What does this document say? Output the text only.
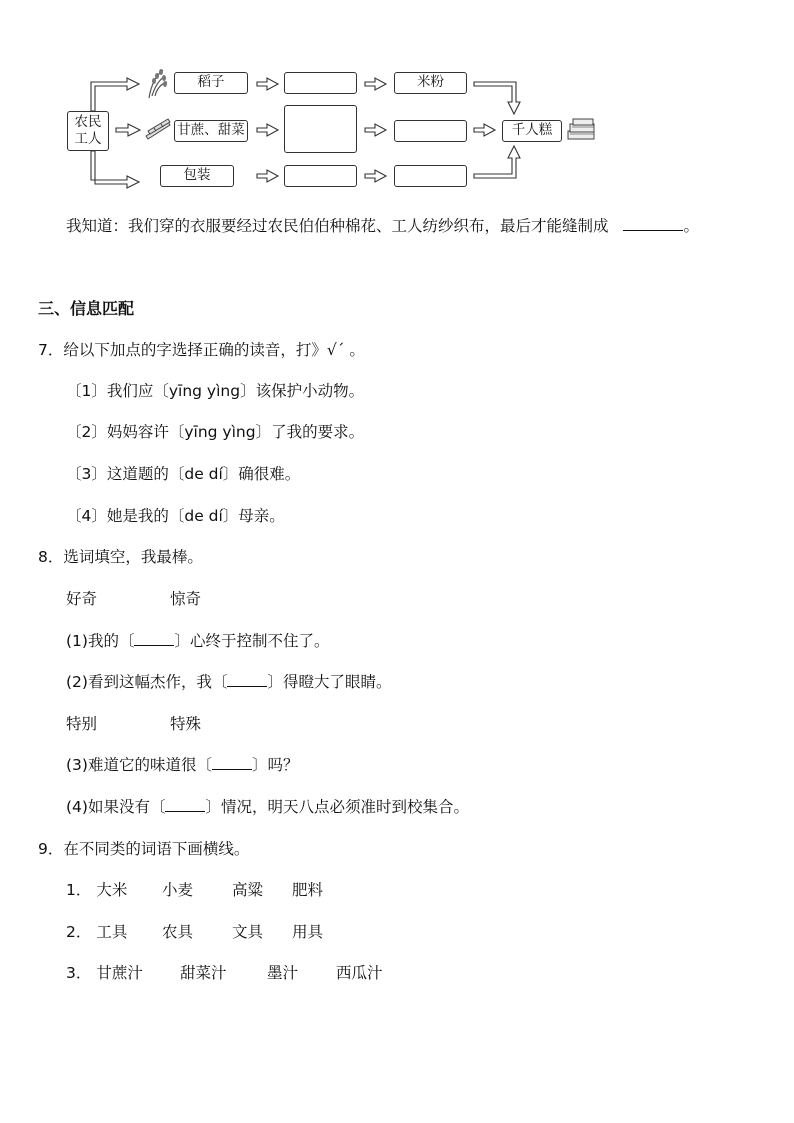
农民
工人
稻子	米粉
甘蔗、甜菜	千人糕
包装
我知道：我们穿的衣服要经过农民伯伯种棉花、工人纺纱织布，最后才能缝制成	。
三、信息匹配
7．给以下加点的字选择正确的读音，打》√ˊ 。
〔1〕我们应〔yīng yìng〕该保护小动物。
〔2〕妈妈容许〔yīng yìng〕了我的要求。
〔3〕这道题的〔de dí〕确很难。
〔4〕她是我的〔de dí〕母亲。
8．选词填空，我最棒。
好奇	惊奇
(1)我的〔	〕心终于控制不住了。
(2)看到这幅杰作，我〔	〕得瞪大了眼睛。
特别	特殊
(3)难道它的味道很〔	〕吗？
(4)如果没有〔	〕情况，明天八点必须准时到校集合。
9．在不同类的词语下画横线。
1． 大米 小麦	高粱 肥料
2． 工具 农具	文具 用具
3． 甘蔗汁 甜菜汁	墨汁 西瓜汁
